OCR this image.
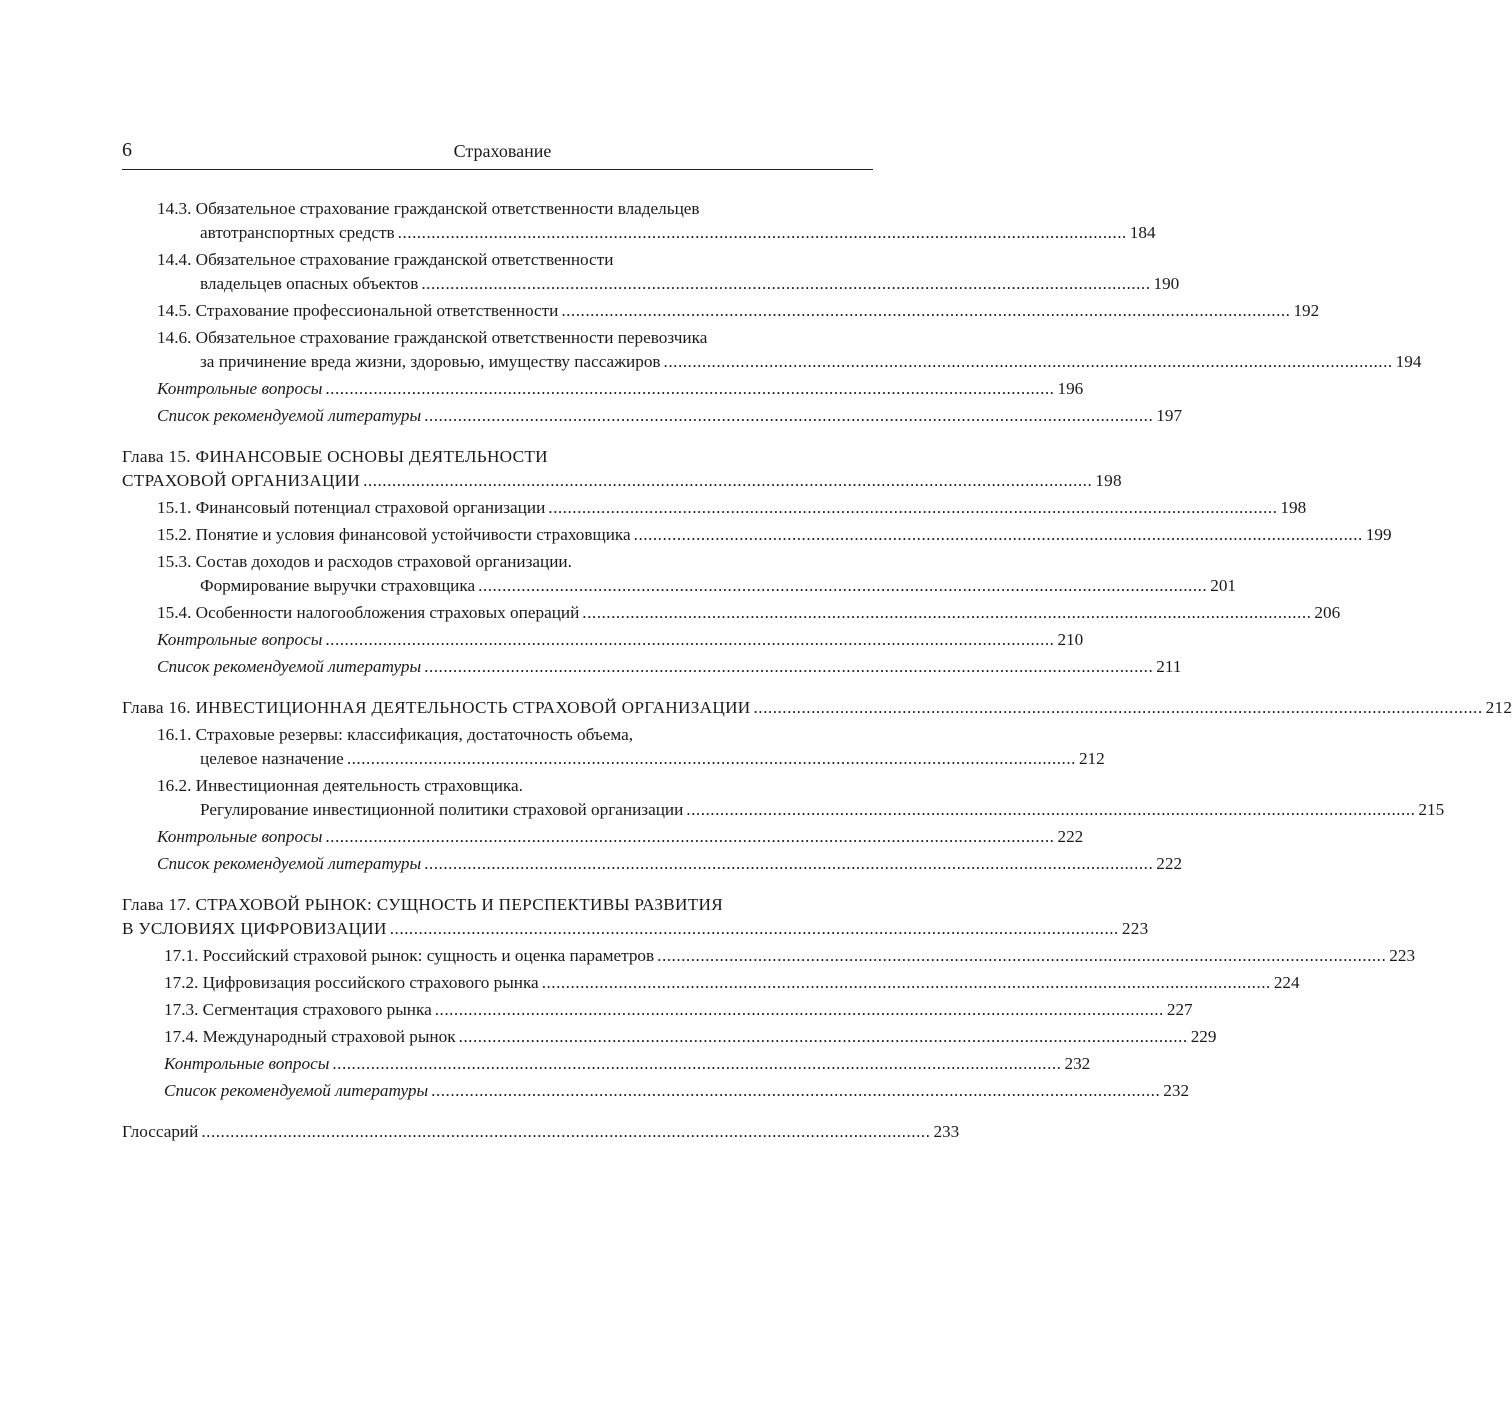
6	Страхование
14.3. Обязательное страхование гражданской ответственности владельцев
автотранспортных средств ........................................................................................................................................................ 184
14.4. Обязательное страхование гражданской ответственности
владельцев опасных объектов ........................................................................................................................................................ 190
14.5. Страхование профессиональной ответственности ........................................................................................................................................................ 192
14.6. Обязательное страхование гражданской ответственности перевозчика
за причинение вреда жизни, здоровью, имуществу пассажиров ........................................................................................................................................................ 194
Контрольные вопросы ........................................................................................................................................................ 196
Список рекомендуемой литературы ........................................................................................................................................................ 197
Глава 15. ФИНАНСОВЫЕ ОСНОВЫ ДЕЯТЕЛЬНОСТИ
СТРАХОВОЙ ОРГАНИЗАЦИИ ........................................................................................................................................................ 198
15.1. Финансовый потенциал страховой организации ........................................................................................................................................................ 198
15.2. Понятие и условия финансовой устойчивости страховщика ........................................................................................................................................................ 199
15.3. Состав доходов и расходов страховой организации.
Формирование выручки страховщика ........................................................................................................................................................ 201
15.4. Особенности налогообложения страховых операций ........................................................................................................................................................ 206
Контрольные вопросы ........................................................................................................................................................ 210
Список рекомендуемой литературы ........................................................................................................................................................ 211
Глава 16. ИНВЕСТИЦИОННАЯ ДЕЯТЕЛЬНОСТЬ СТРАХОВОЙ ОРГАНИЗАЦИИ ........................................................................................................................................................ 212
16.1. Страховые резервы: классификация, достаточность объема,
целевое назначение ........................................................................................................................................................ 212
16.2. Инвестиционная деятельность страховщика.
Регулирование инвестиционной политики страховой организации ........................................................................................................................................................ 215
Контрольные вопросы ........................................................................................................................................................ 222
Список рекомендуемой литературы ........................................................................................................................................................ 222
Глава 17. СТРАХОВОЙ РЫНОК: СУЩНОСТЬ И ПЕРСПЕКТИВЫ РАЗВИТИЯ
В УСЛОВИЯХ ЦИФРОВИЗАЦИИ ........................................................................................................................................................ 223
17.1. Российский страховой рынок: сущность и оценка параметров ........................................................................................................................................................ 223
17.2. Цифровизация российского страхового рынка ........................................................................................................................................................ 224
17.3. Сегментация страхового рынка ........................................................................................................................................................ 227
17.4. Международный страховой рынок ........................................................................................................................................................ 229
Контрольные вопросы ........................................................................................................................................................ 232
Список рекомендуемой литературы ........................................................................................................................................................ 232
Глоссарий ........................................................................................................................................................ 233
